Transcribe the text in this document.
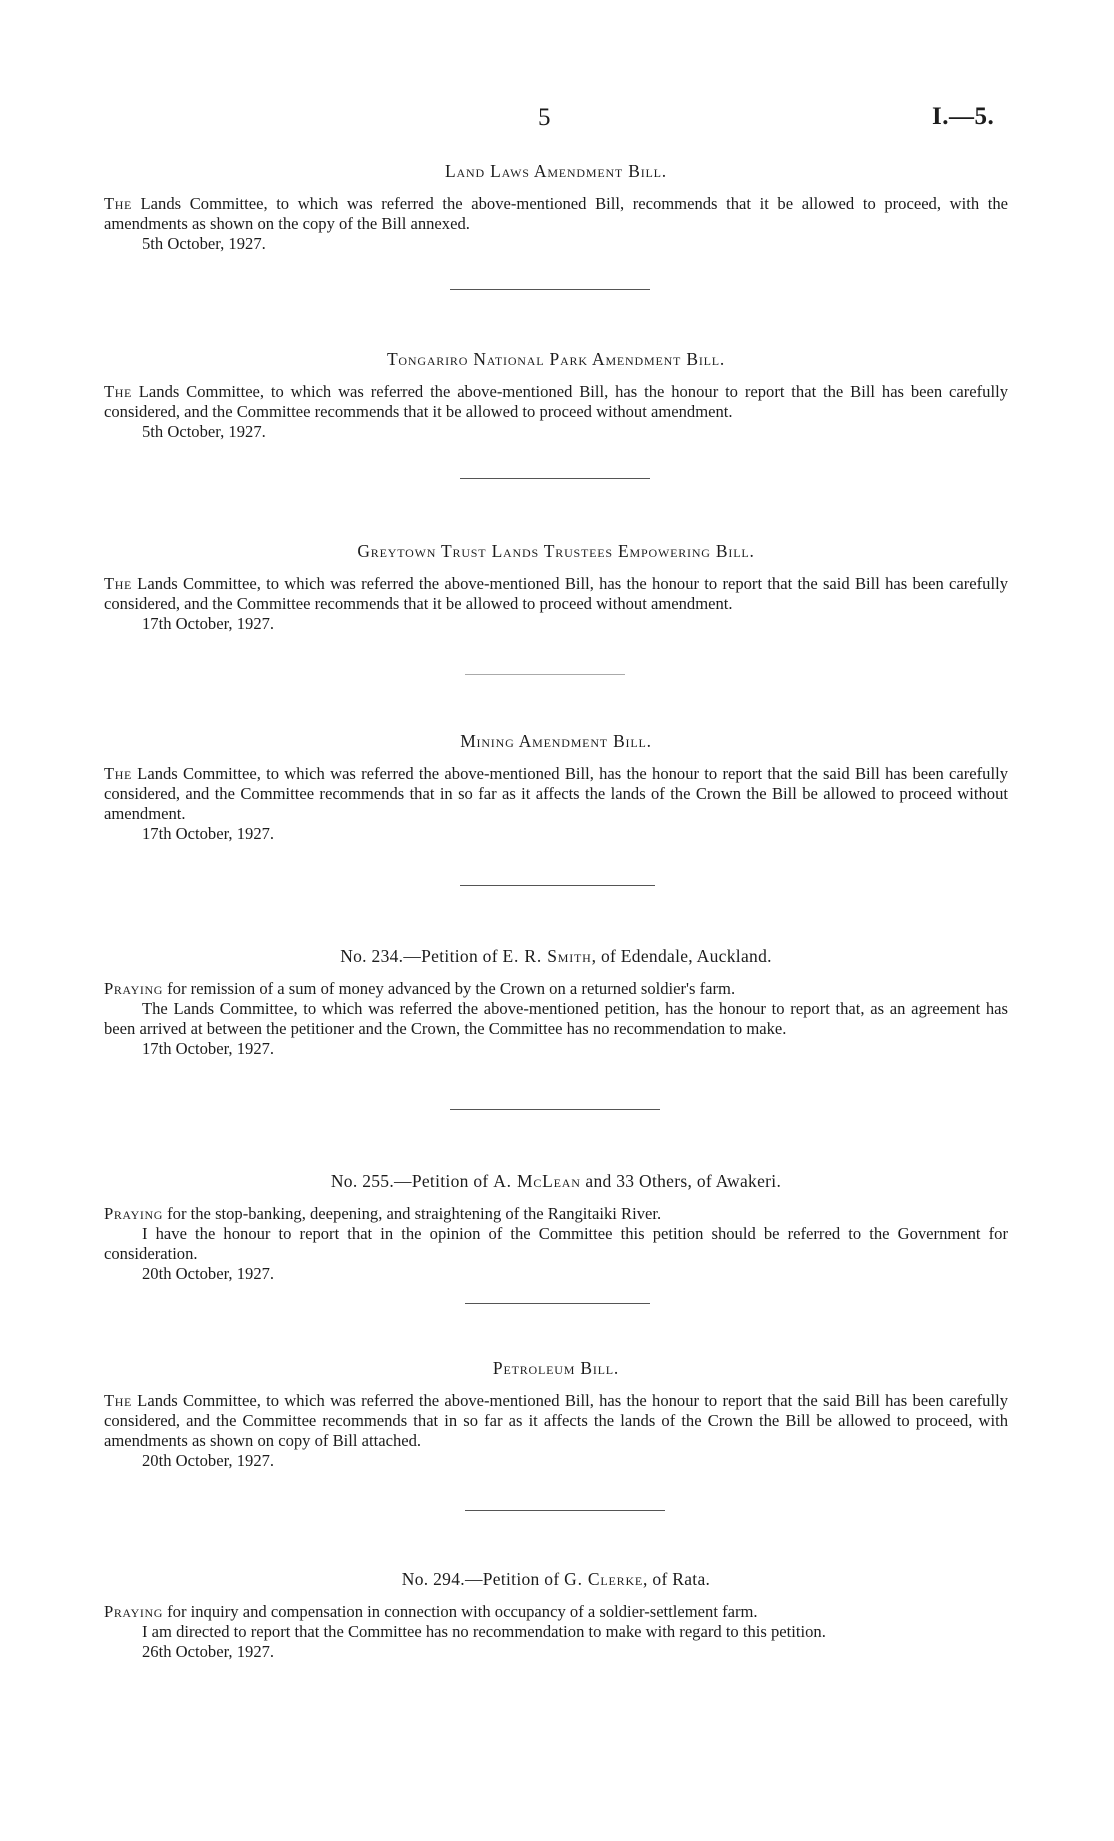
5	I.—5.
Land Laws Amendment Bill.

The Lands Committee, to which was referred the above-mentioned Bill, recommends that it be allowed to proceed, with the amendments as shown on the copy of the Bill annexed.

5th October, 1927.

Tongariro National Park Amendment Bill.

The Lands Committee, to which was referred the above-mentioned Bill, has the honour to report that the Bill has been carefully considered, and the Committee recommends that it be allowed to proceed without amendment.

5th October, 1927.

Greytown Trust Lands Trustees Empowering Bill.

The Lands Committee, to which was referred the above-mentioned Bill, has the honour to report that the said Bill has been carefully considered, and the Committee recommends that it be allowed to proceed without amendment.

17th October, 1927.

Mining Amendment Bill.

The Lands Committee, to which was referred the above-mentioned Bill, has the honour to report that the said Bill has been carefully considered, and the Committee recommends that in so far as it affects the lands of the Crown the Bill be allowed to proceed without amendment.

17th October, 1927.

No. 234.—Petition of E. R. Smith, of Edendale, Auckland.

Praying for remission of a sum of money advanced by the Crown on a returned soldier's farm.

The Lands Committee, to which was referred the above-mentioned petition, has the honour to report that, as an agreement has been arrived at between the petitioner and the Crown, the Committee has no recommendation to make.

17th October, 1927.

No. 255.—Petition of A. McLean and 33 Others, of Awakeri.

Praying for the stop-banking, deepening, and straightening of the Rangitaiki River.

I have the honour to report that in the opinion of the Committee this petition should be referred to the Government for consideration.

20th October, 1927.

Petroleum Bill.

The Lands Committee, to which was referred the above-mentioned Bill, has the honour to report that the said Bill has been carefully considered, and the Committee recommends that in so far as it affects the lands of the Crown the Bill be allowed to proceed, with amendments as shown on copy of Bill attached.

20th October, 1927.

No. 294.—Petition of G. Clerke, of Rata.

Praying for inquiry and compensation in connection with occupancy of a soldier-settlement farm.

I am directed to report that the Committee has no recommendation to make with regard to this petition.

26th October, 1927.
